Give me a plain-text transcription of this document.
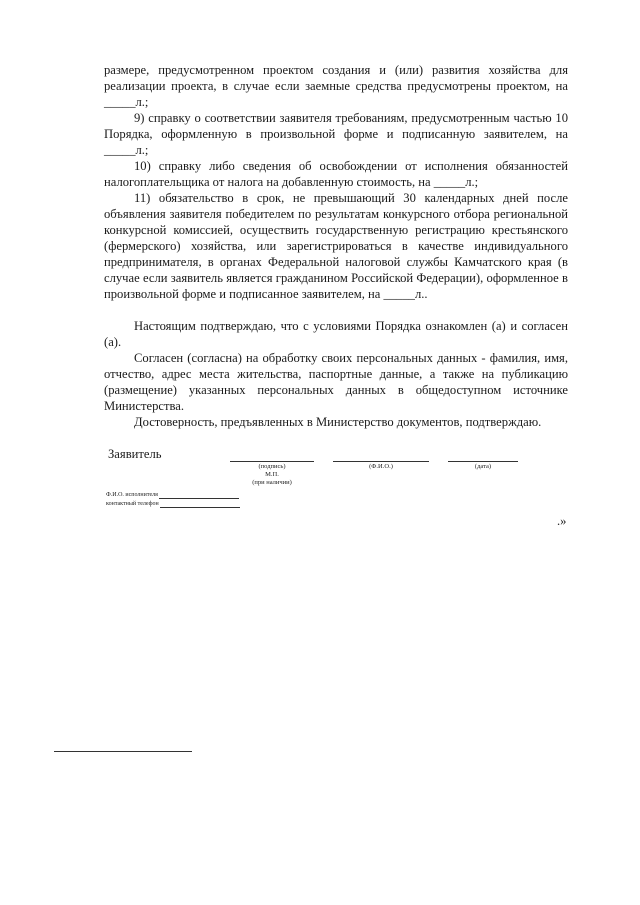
размере, предусмотренном проектом создания и (или) развития хозяйства для реализации проекта, в случае если заемные средства предусмотрены проектом, на _____л.;

9) справку о соответствии заявителя требованиям, предусмотренным частью 10 Порядка, оформленную в произвольной форме и подписанную заявителем, на _____л.;

10) справку либо сведения об освобождении от исполнения обязанностей налогоплательщика от налога на добавленную стоимость, на _____л.;

11) обязательство в срок, не превышающий 30 календарных дней после объявления заявителя победителем по результатам конкурсного отбора региональной конкурсной комиссией, осуществить государственную регистрацию крестьянского (фермерского) хозяйства, или зарегистрироваться в качестве индивидуального предпринимателя, в органах Федеральной налоговой службы Камчатского края (в случае если заявитель является гражданином Российской Федерации), оформленное в произвольной форме и подписанное заявителем, на _____л..

Настоящим подтверждаю, что с условиями Порядка ознакомлен (а) и согласен (а).

Согласен (согласна) на обработку своих персональных данных - фамилия, имя, отчество, адрес места жительства, паспортные данные, а также на публикацию (размещение) указанных персональных данных в общедоступном источнике Министерства.

Достоверность, предъявленных в Министерство документов, подтверждаю.

Заявитель
(подпись)
М.П.
(при наличии)
(Ф.И.О.)	(дата)
Ф.И.О. исполнителя
контактный телефон
.»
